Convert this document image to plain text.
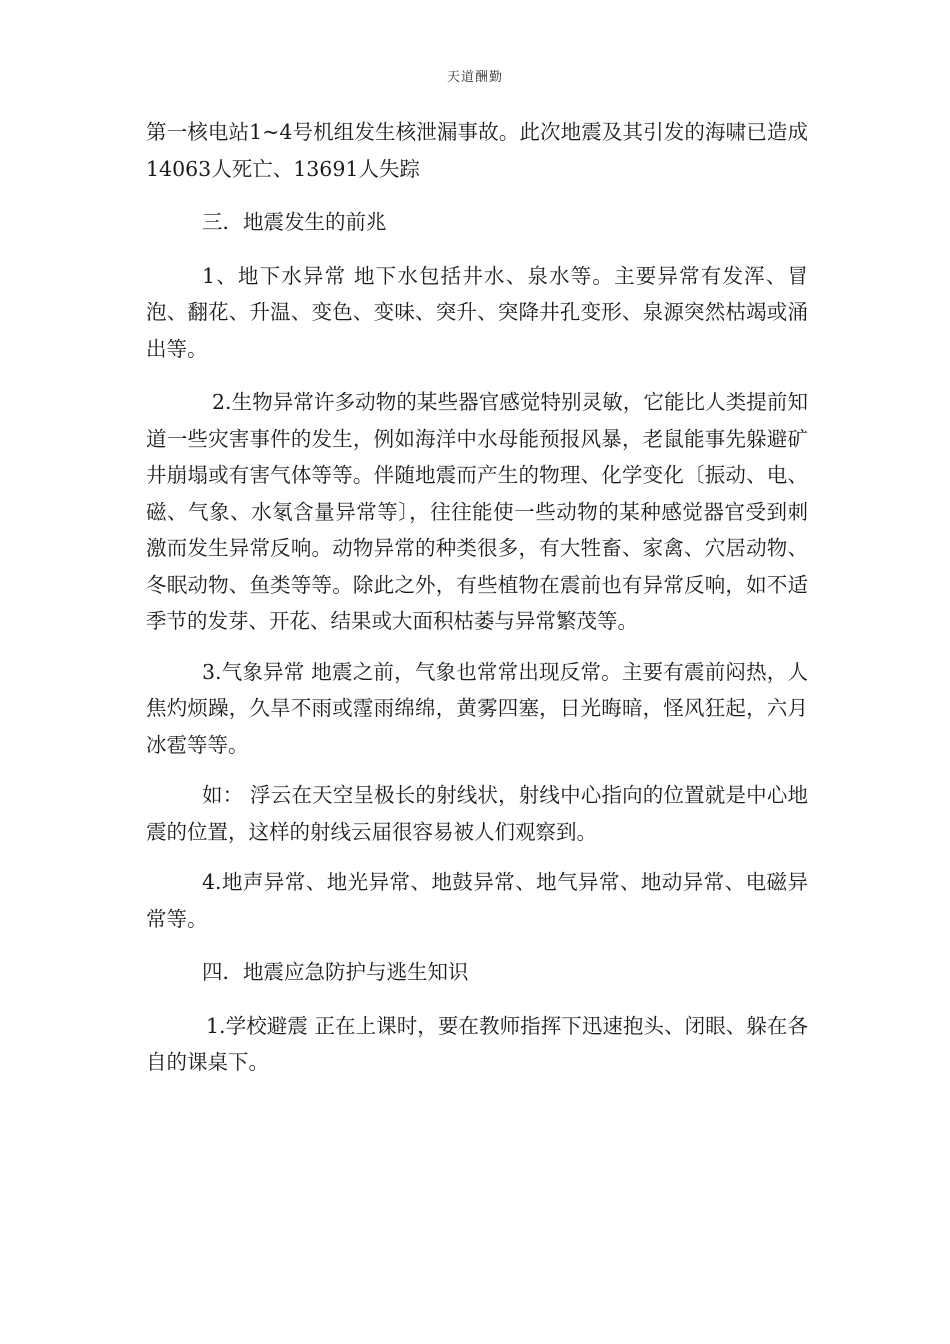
天道酬勤

第一核电站1~4号机组发生核泄漏事故。此次地震及其引发的海啸已造成14063人死亡、13691人失踪

三．地震发生的前兆

1、地下水异常 地下水包括井水、泉水等。主要异常有发浑、冒泡、翻花、升温、变色、变味、突升、突降井孔变形、泉源突然枯竭或涌出等。

2.生物异常许多动物的某些器官感觉特别灵敏，它能比人类提前知道一些灾害事件的发生，例如海洋中水母能预报风暴，老鼠能事先躲避矿井崩塌或有害气体等等。伴随地震而产生的物理、化学变化〔振动、电、磁、气象、水氡含量异常等〕，往往能使一些动物的某种感觉器官受到刺激而发生异常反响。动物异常的种类很多，有大牲畜、家禽、穴居动物、冬眠动物、鱼类等等。除此之外，有些植物在震前也有异常反响，如不适季节的发芽、开花、结果或大面积枯萎与异常繁茂等。

3.气象异常 地震之前，气象也常常出现反常。主要有震前闷热，人焦灼烦躁，久旱不雨或霪雨绵绵，黄雾四塞，日光晦暗，怪风狂起，六月冰雹等等。

如： 浮云在天空呈极长的射线状，射线中心指向的位置就是中心地震的位置，这样的射线云届很容易被人们观察到。

4.地声异常、地光异常、地鼓异常、地气异常、地动异常、电磁异常等。

四．地震应急防护与逃生知识

1.学校避震 正在上课时，要在教师指挥下迅速抱头、闭眼、躲在各自的课桌下。
